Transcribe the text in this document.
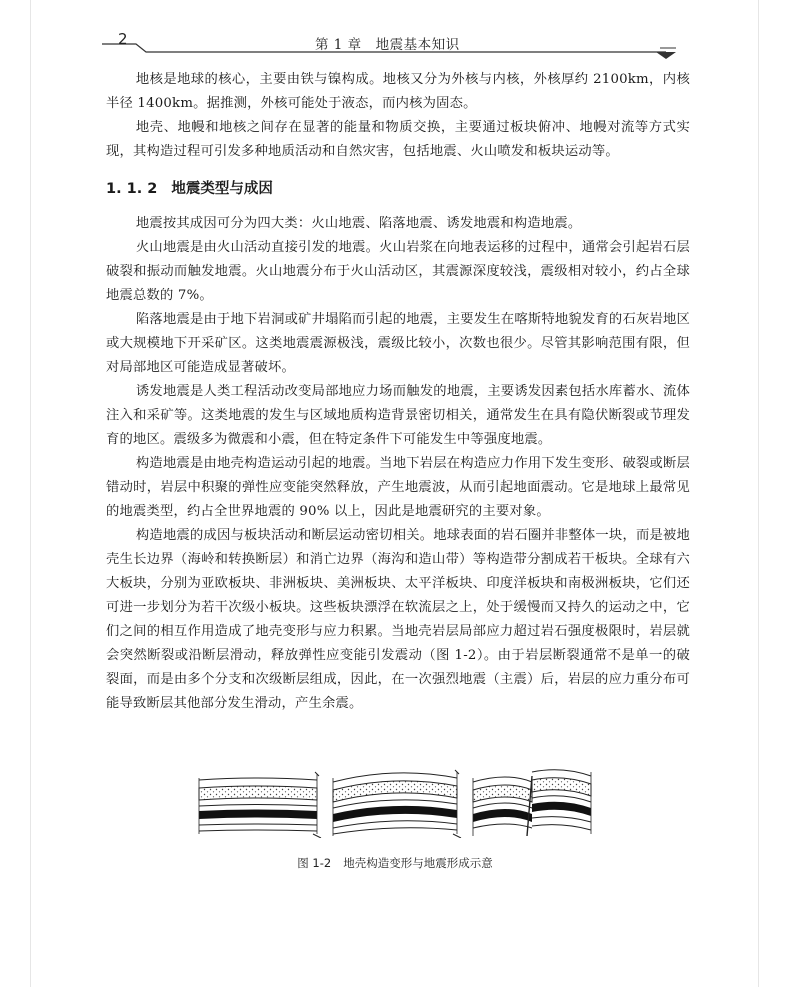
2	第 1 章　地震基本知识

地核是地球的核心，主要由铁与镍构成。地核又分为外核与内核，外核厚约 2100km，内核半径 1400km。据推测，外核可能处于液态，而内核为固态。

地壳、地幔和地核之间存在显著的能量和物质交换，主要通过板块俯冲、地幔对流等方式实现，其构造过程可引发多种地质活动和自然灾害，包括地震、火山喷发和板块运动等。

1. 1. 2 地震类型与成因

地震按其成因可分为四大类：火山地震、陷落地震、诱发地震和构造地震。

火山地震是由火山活动直接引发的地震。火山岩浆在向地表运移的过程中，通常会引起岩石层破裂和振动而触发地震。火山地震分布于火山活动区，其震源深度较浅，震级相对较小，约占全球地震总数的 7%。

陷落地震是由于地下岩洞或矿井塌陷而引起的地震，主要发生在喀斯特地貌发育的石灰岩地区或大规模地下开采矿区。这类地震震源极浅，震级比较小，次数也很少。尽管其影响范围有限，但对局部地区可能造成显著破坏。

诱发地震是人类工程活动改变局部地应力场而触发的地震，主要诱发因素包括水库蓄水、流体注入和采矿等。这类地震的发生与区域地质构造背景密切相关，通常发生在具有隐伏断裂或节理发育的地区。震级多为微震和小震，但在特定条件下可能发生中等强度地震。

构造地震是由地壳构造运动引起的地震。当地下岩层在构造应力作用下发生变形、破裂或断层错动时，岩层中积聚的弹性应变能突然释放，产生地震波，从而引起地面震动。它是地球上最常见的地震类型，约占全世界地震的 90% 以上，因此是地震研究的主要对象。

构造地震的成因与板块活动和断层运动密切相关。地球表面的岩石圈并非整体一块，而是被地壳生长边界（海岭和转换断层）和消亡边界（海沟和造山带）等构造带分割成若干板块。全球有六大板块，分别为亚欧板块、非洲板块、美洲板块、太平洋板块、印度洋板块和南极洲板块，它们还可进一步划分为若干次级小板块。这些板块漂浮在软流层之上，处于缓慢而又持久的运动之中，它们之间的相互作用造成了地壳变形与应力积累。当地壳岩层局部应力超过岩石强度极限时，岩层就会突然断裂或沿断层滑动，释放弹性应变能引发震动（图 1-2）。由于岩层断裂通常不是单一的破裂面，而是由多个分支和次级断层组成，因此，在一次强烈地震（主震）后，岩层的应力重分布可能导致断层其他部分发生滑动，产生余震。

图 1-2 地壳构造变形与地震形成示意
